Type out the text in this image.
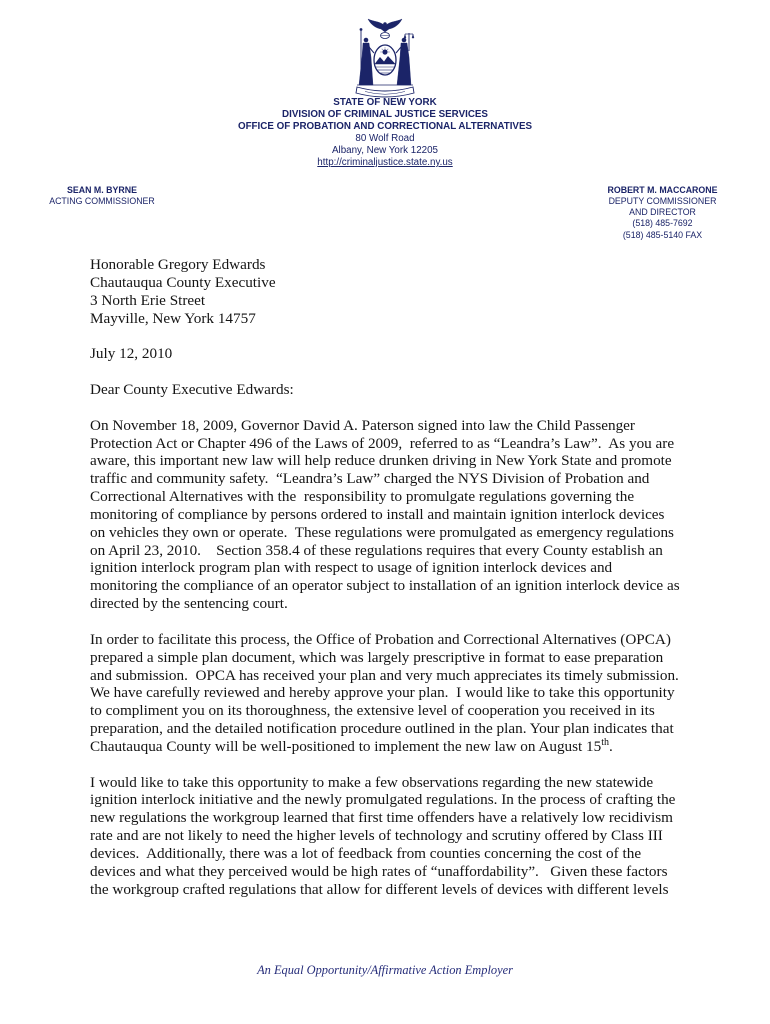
STATE OF NEW YORK
DIVISION OF CRIMINAL JUSTICE SERVICES
OFFICE OF PROBATION AND CORRECTIONAL ALTERNATIVES
80 Wolf Road
Albany, New York 12205
http://criminaljustice.state.ny.us
SEAN M. BYRNE
ACTING COMMISSIONER
ROBERT M. MACCARONE
DEPUTY COMMISSIONER
AND DIRECTOR
(518) 485-7692
(518) 485-5140 FAX
Honorable Gregory Edwards
Chautauqua County Executive
3 North Erie Street
Mayville, New York 14757
July 12, 2010
Dear County Executive Edwards:
On November 18, 2009, Governor David A. Paterson signed into law the Child Passenger
Protection Act or Chapter 496 of the Laws of 2009,  referred to as “Leandra’s Law”.  As you are
aware, this important new law will help reduce drunken driving in New York State and promote
traffic and community safety.  “Leandra’s Law” charged the NYS Division of Probation and
Correctional Alternatives with the  responsibility to promulgate regulations governing the
monitoring of compliance by persons ordered to install and maintain ignition interlock devices
on vehicles they own or operate.  These regulations were promulgated as emergency regulations
on April 23, 2010.    Section 358.4 of these regulations requires that every County establish an
ignition interlock program plan with respect to usage of ignition interlock devices and
monitoring the compliance of an operator subject to installation of an ignition interlock device as
directed by the sentencing court.
In order to facilitate this process, the Office of Probation and Correctional Alternatives (OPCA)
prepared a simple plan document, which was largely prescriptive in format to ease preparation
and submission.  OPCA has received your plan and very much appreciates its timely submission.
We have carefully reviewed and hereby approve your plan.  I would like to take this opportunity
to compliment you on its thoroughness, the extensive level of cooperation you received in its
preparation, and the detailed notification procedure outlined in the plan. Your plan indicates that
Chautauqua County will be well-positioned to implement the new law on August 15th.
I would like to take this opportunity to make a few observations regarding the new statewide
ignition interlock initiative and the newly promulgated regulations. In the process of crafting the
new regulations the workgroup learned that first time offenders have a relatively low recidivism
rate and are not likely to need the higher levels of technology and scrutiny offered by Class III
devices.  Additionally, there was a lot of feedback from counties concerning the cost of the
devices and what they perceived would be high rates of “unaffordability”.   Given these factors
the workgroup crafted regulations that allow for different levels of devices with different levels
An Equal Opportunity/Affirmative Action Employer
